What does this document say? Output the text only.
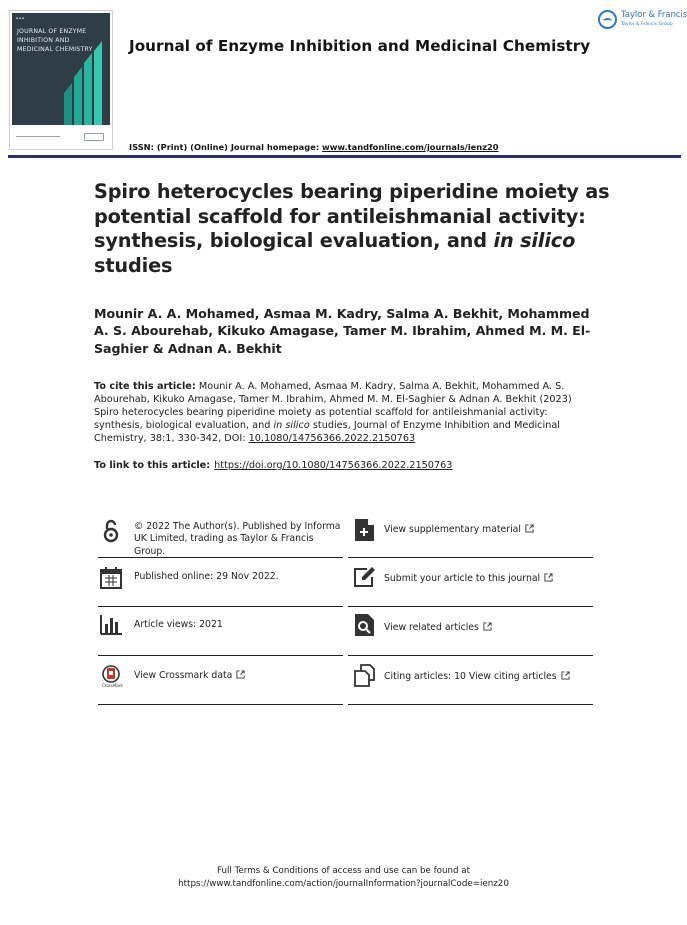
▪ ▪ ▪
JOURNAL OF ENZYME INHIBITION AND MEDICINAL CHEMISTRY	Journal of Enzyme Inhibition and Medicinal Chemistry
ISSN: (Print) (Online) Journal homepage: www.tandfonline.com/journals/ienz20
Taylor & Francis
Taylor & Francis Group
Spiro heterocycles bearing piperidine moiety as potential scaffold for antileishmanial activity: synthesis, biological evaluation, and in silico studies
Mounir A. A. Mohamed, Asmaa M. Kadry, Salma A. Bekhit, Mohammed A. S. Abourehab, Kikuko Amagase, Tamer M. Ibrahim, Ahmed M. M. El-Saghier & Adnan A. Bekhit
To cite this article: Mounir A. A. Mohamed, Asmaa M. Kadry, Salma A. Bekhit, Mohammed A. S. Abourehab, Kikuko Amagase, Tamer M. Ibrahim, Ahmed M. M. El-Saghier & Adnan A. Bekhit (2023) Spiro heterocycles bearing piperidine moiety as potential scaffold for antileishmanial activity: synthesis, biological evaluation, and in silico studies, Journal of Enzyme Inhibition and Medicinal Chemistry, 38:1, 330-342, DOI: 10.1080/14756366.2022.2150763
To link to this article: https://doi.org/10.1080/14756366.2022.2150763
© 2022 The Author(s). Published by Informa UK Limited, trading as Taylor & Francis Group.
Published online: 29 Nov 2022.
Article views: 2021
CrossMark
View Crossmark data
View supplementary material
Submit your article to this journal
View related articles
Citing articles: 10 View citing articles
Full Terms & Conditions of access and use can be found at
https://www.tandfonline.com/action/journalInformation?journalCode=ienz20
